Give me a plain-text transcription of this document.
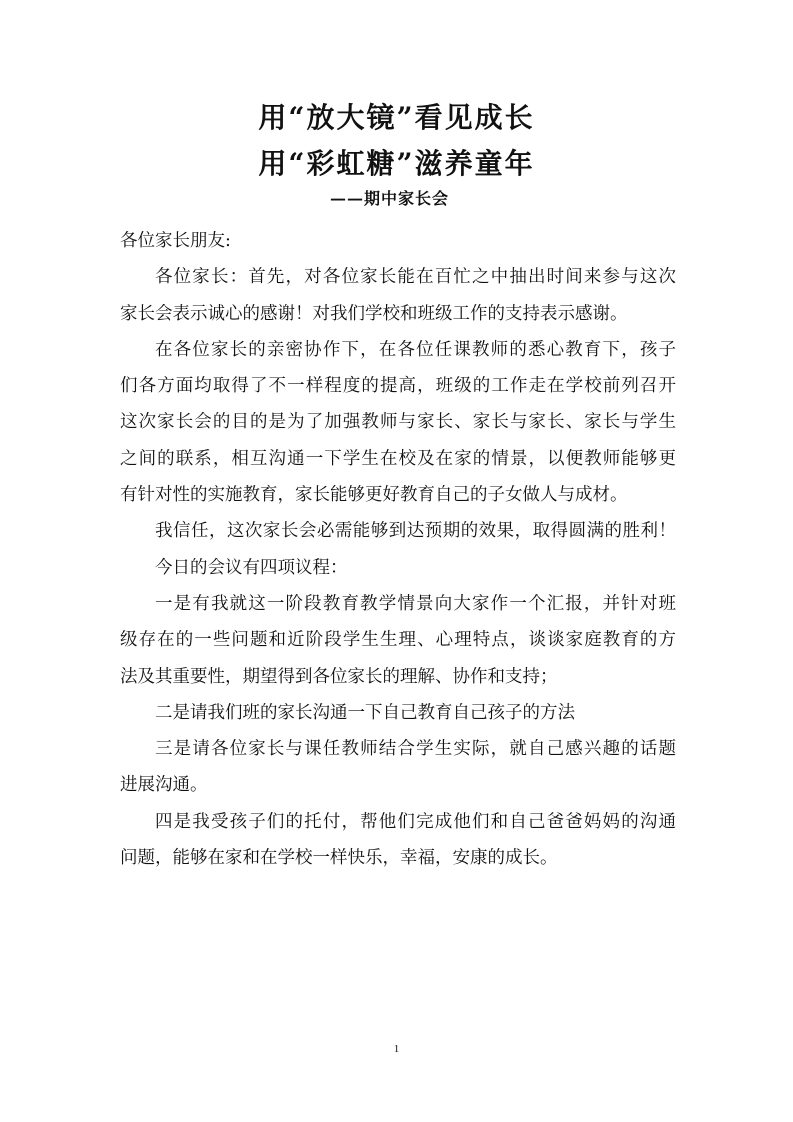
用“放大镜”看见成长
用“彩虹糖”滋养童年
——期中家长会
各位家长朋友:
各位家长：首先，对各位家长能在百忙之中抽出时间来参与这次
家长会表示诚心的感谢！对我们学校和班级工作的支持表示感谢。
在各位家长的亲密协作下，在各位任课教师的悉心教育下，孩子
们各方面均取得了不一样程度的提高，班级的工作走在学校前列召开
这次家长会的目的是为了加强教师与家长、家长与家长、家长与学生
之间的联系，相互沟通一下学生在校及在家的情景，以便教师能够更
有针对性的实施教育，家长能够更好教育自己的子女做人与成材。
我信任，这次家长会必需能够到达预期的效果，取得圆满的胜利！
今日的会议有四项议程：
一是有我就这一阶段教育教学情景向大家作一个汇报，并针对班
级存在的一些问题和近阶段学生生理、心理特点，谈谈家庭教育的方
法及其重要性，期望得到各位家长的理解、协作和支持；
二是请我们班的家长沟通一下自己教育自己孩子的方法
三是请各位家长与课任教师结合学生实际，就自己感兴趣的话题
进展沟通。
四是我受孩子们的托付，帮他们完成他们和自己爸爸妈妈的沟通
问题，能够在家和在学校一样快乐，幸福，安康的成长。
1
